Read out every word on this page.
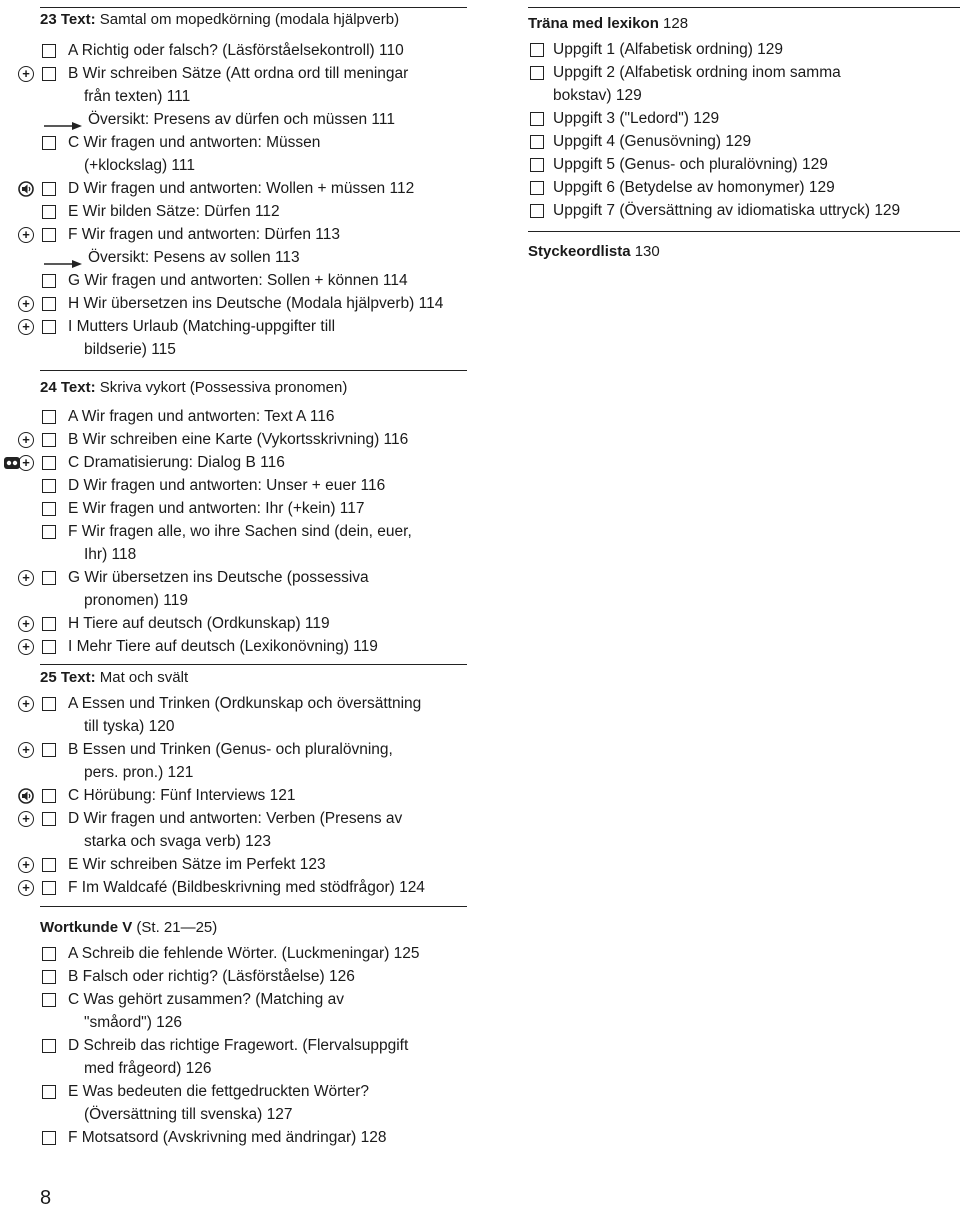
23 Text: Samtal om mopedkörning (modala hjälpverb)
A Richtig oder falsch? (Läsförståelsekontroll) 110
+ B Wir schreiben Sätze (Att ordna ord till meningar
från texten) 111
Översikt: Presens av dürfen och müssen 111
C Wir fragen und antworten: Müssen
(+klockslag) 111
D Wir fragen und antworten: Wollen + müssen 112
E Wir bilden Sätze: Dürfen 112
+ F Wir fragen und antworten: Dürfen 113
Översikt: Pesens av sollen 113
G Wir fragen und antworten: Sollen + können 114
+ H Wir übersetzen ins Deutsche (Modala hjälpverb) 114
+ I Mutters Urlaub (Matching-uppgifter till
bildserie) 115
24 Text: Skriva vykort (Possessiva pronomen)
A Wir fragen und antworten: Text A 116
+ B Wir schreiben eine Karte (Vykortsskrivning) 116
+ C Dramatisierung: Dialog B 116
D Wir fragen und antworten: Unser + euer 116
E Wir fragen und antworten: Ihr (+kein) 117
F Wir fragen alle, wo ihre Sachen sind (dein, euer,
Ihr) 118
+ G Wir übersetzen ins Deutsche (possessiva
pronomen) 119
+ H Tiere auf deutsch (Ordkunskap) 119
+ I Mehr Tiere auf deutsch (Lexikonövning) 119
25 Text: Mat och svält
+ A Essen und Trinken (Ordkunskap och översättning
till tyska) 120
+ B Essen und Trinken (Genus- och pluralövning,
pers. pron.) 121
C Hörübung: Fünf Interviews 121
+ D Wir fragen und antworten: Verben (Presens av
starka och svaga verb) 123
+ E Wir schreiben Sätze im Perfekt 123
+ F Im Waldcafé (Bildbeskrivning med stödfrågor) 124
Wortkunde V (St. 21—25)
A Schreib die fehlende Wörter. (Luckmeningar) 125
B Falsch oder richtig? (Läsförståelse) 126
C Was gehört zusammen? (Matching av
"småord") 126
D Schreib das richtige Fragewort. (Flervalsuppgift
med frågeord) 126
E Was bedeuten die fettgedruckten Wörter?
(Översättning till svenska) 127
F Motsatsord (Avskrivning med ändringar) 128
Träna med lexikon 128
Uppgift 1 (Alfabetisk ordning) 129
Uppgift 2 (Alfabetisk ordning inom samma
bokstav) 129
Uppgift 3 ("Ledord") 129
Uppgift 4 (Genusövning) 129
Uppgift 5 (Genus- och pluralövning) 129
Uppgift 6 (Betydelse av homonymer) 129
Uppgift 7 (Översättning av idiomatiska uttryck) 129
Styckeordlista 130
8
